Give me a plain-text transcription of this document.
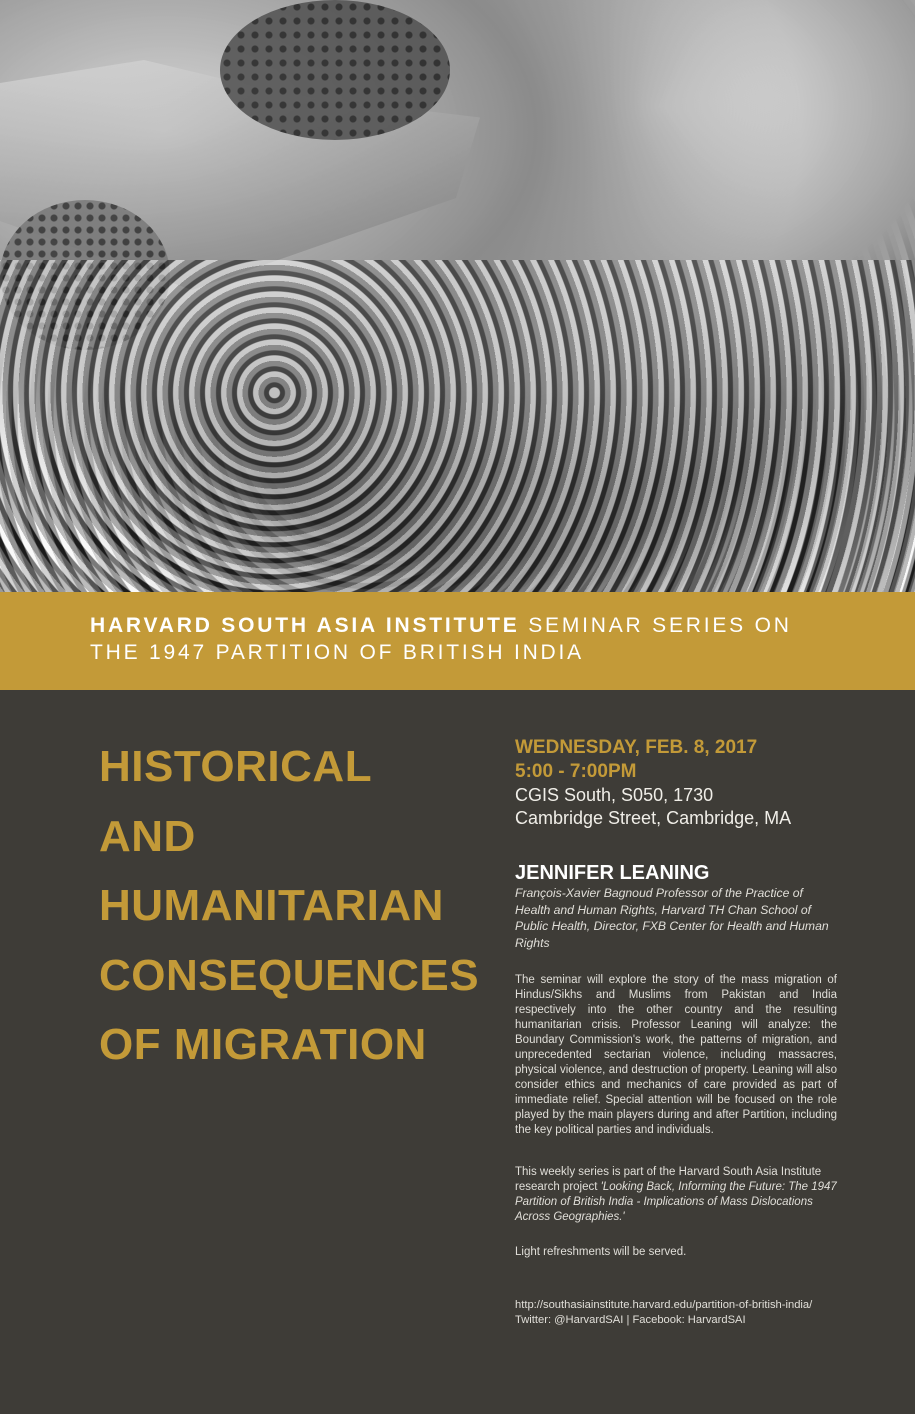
HARVARD SOUTH ASIA INSTITUTE SEMINAR SERIES ON
THE 1947 PARTITION OF BRITISH INDIA
HISTORICAL
AND
HUMANITARIAN
CONSEQUENCES
OF MIGRATION
WEDNESDAY, FEB. 8, 2017
5:00 - 7:00PM
CGIS South, S050, 1730
Cambridge Street, Cambridge, MA
JENNIFER LEANING
François-Xavier Bagnoud Professor of the Practice of Health and Human Rights, Harvard TH Chan School of Public Health, Director, FXB Center for Health and Human Rights
The seminar will explore the story of the mass migration of Hindus/Sikhs and Muslims from Pakistan and India respectively into the other country and the resulting humanitarian crisis. Professor Leaning will analyze: the Boundary Commission's work, the patterns of migration, and unprecedented sectarian violence, including massacres, physical violence, and destruction of property. Leaning will also consider ethics and mechanics of care provided as part of immediate relief. Special attention will be focused on the role played by the main players during and after Partition, including the key political parties and individuals.
This weekly series is part of the Harvard South Asia Institute research project 'Looking Back, Informing the Future: The 1947 Partition of British India - Implications of Mass Dislocations Across Geographies.'
Light refreshments will be served.
http://southasiainstitute.harvard.edu/partition-of-british-india/
Twitter: @HarvardSAI | Facebook: HarvardSAI
